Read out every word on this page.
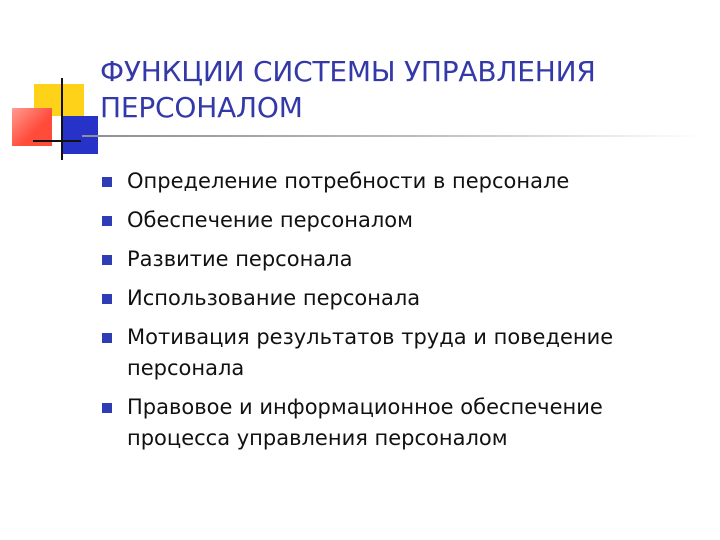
ФУНКЦИИ СИСТЕМЫ УПРАВЛЕНИЯ ПЕРСОНАЛОМ
Определение потребности в персонале
Обеспечение персоналом
Развитие персонала
Использование персонала
Мотивация результатов труда и поведение персонала
Правовое и информационное обеспечение процесса управления персоналом
